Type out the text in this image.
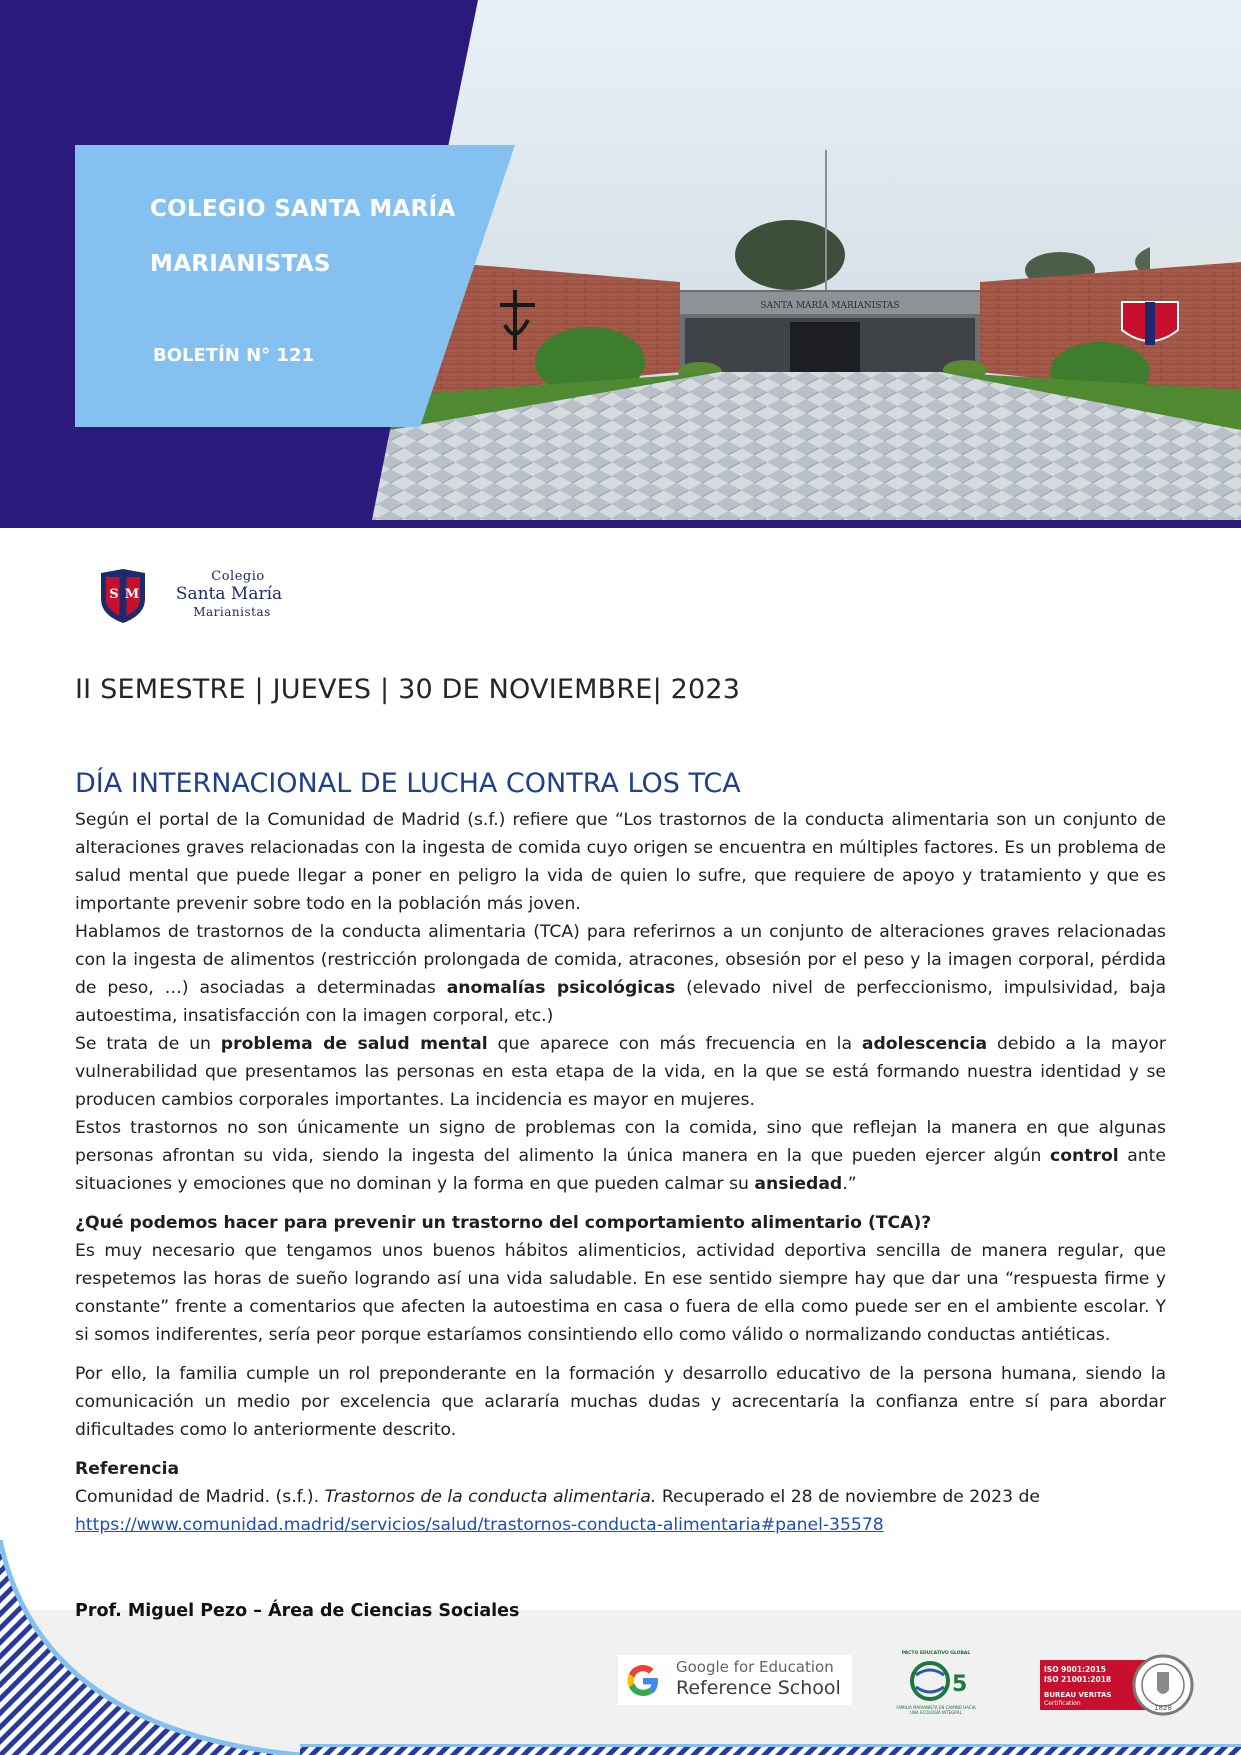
SANTA MARÍA MARIANISTAS
COLEGIO SANTA MARÍA
MARIANISTAS
BOLETÍN N° 121
S M
Colegio
Santa María
Marianistas
II SEMESTRE | JUEVES | 30 DE NOVIEMBRE| 2023
DÍA INTERNACIONAL DE LUCHA CONTRA LOS TCA

Según el portal de la Comunidad de Madrid (s.f.) refiere que “Los trastornos de la conducta alimentaria son un conjunto de alteraciones graves relacionadas con la ingesta de comida cuyo origen se encuentra en múltiples factores. Es un problema de salud mental que puede llegar a poner en peligro la vida de quien lo sufre, que requiere de apoyo y tratamiento y que es importante prevenir sobre todo en la población más joven.

Hablamos de trastornos de la conducta alimentaria (TCA) para referirnos a un conjunto de alteraciones graves relacionadas con la ingesta de alimentos (restricción prolongada de comida, atracones, obsesión por el peso y la imagen corporal, pérdida de peso, …) asociadas a determinadas anomalías psicológicas (elevado nivel de perfeccionismo, impulsividad, baja autoestima, insatisfacción con la imagen corporal, etc.)

Se trata de un problema de salud mental que aparece con más frecuencia en la adolescencia debido a la mayor vulnerabilidad que presentamos las personas en esta etapa de la vida, en la que se está formando nuestra identidad y se producen cambios corporales importantes. La incidencia es mayor en mujeres.

Estos trastornos no son únicamente un signo de problemas con la comida, sino que reflejan la manera en que algunas personas afrontan su vida, siendo la ingesta del alimento la única manera en la que pueden ejercer algún control ante situaciones y emociones que no dominan y la forma en que pueden calmar su ansiedad.”

¿Qué podemos hacer para prevenir un trastorno del comportamiento alimentario (TCA)?

Es muy necesario que tengamos unos buenos hábitos alimenticios, actividad deportiva sencilla de manera regular, que respetemos las horas de sueño logrando así una vida saludable. En ese sentido siempre hay que dar una “respuesta firme y constante” frente a comentarios que afecten la autoestima en casa o fuera de ella como puede ser en el ambiente escolar. Y si somos indiferentes, sería peor porque estaríamos consintiendo ello como válido o normalizando conductas antiéticas.

Por ello, la familia cumple un rol preponderante en la formación y desarrollo educativo de la persona humana, siendo la comunicación un medio por excelencia que aclararía muchas dudas y acrecentaría la confianza entre sí para abordar dificultades como lo anteriormente descrito.

Referencia

Comunidad de Madrid. (s.f.). Trastornos de la conducta alimentaria. Recuperado el 28 de noviembre de 2023 de

https://www.comunidad.madrid/servicios/salud/trastornos-conducta-alimentaria#panel-35578

Prof. Miguel Pezo – Área de Ciencias Sociales
Google for Education
Reference School
PACTO EDUCATIVO GLOBAL
5
FAMILIA MARIANISTA EN CAMINO HACIA UNA ECOLOGÍA INTEGRAL
ISO 9001:2015
ISO 21001:2018
BUREAU VERITAS
Certification
1828
